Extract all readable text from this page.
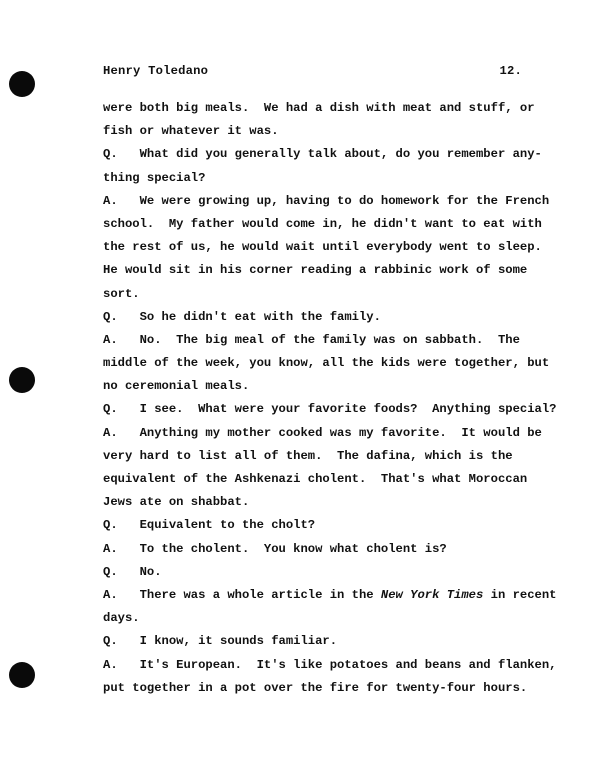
Henry Toledano	12.
were both big meals.  We had a dish with meat and stuff, or
fish or whatever it was.
Q.   What did you generally talk about, do you remember any-
thing special?
A.   We were growing up, having to do homework for the French
school.  My father would come in, he didn't want to eat with
the rest of us, he would wait until everybody went to sleep.
He would sit in his corner reading a rabbinic work of some
sort.
Q.   So he didn't eat with the family.
A.   No.  The big meal of the family was on sabbath.  The
middle of the week, you know, all the kids were together, but
no ceremonial meals.
Q.   I see.  What were your favorite foods?  Anything special?
A.   Anything my mother cooked was my favorite.  It would be
very hard to list all of them.  The dafina, which is the
equivalent of the Ashkenazi cholent.  That's what Moroccan
Jews ate on shabbat.
Q.   Equivalent to the cholt?
A.   To the cholent.  You know what cholent is?
Q.   No.
A.   There was a whole article in the New York Times in recent
days.
Q.   I know, it sounds familiar.
A.   It's European.  It's like potatoes and beans and flanken,
put together in a pot over the fire for twenty-four hours.
